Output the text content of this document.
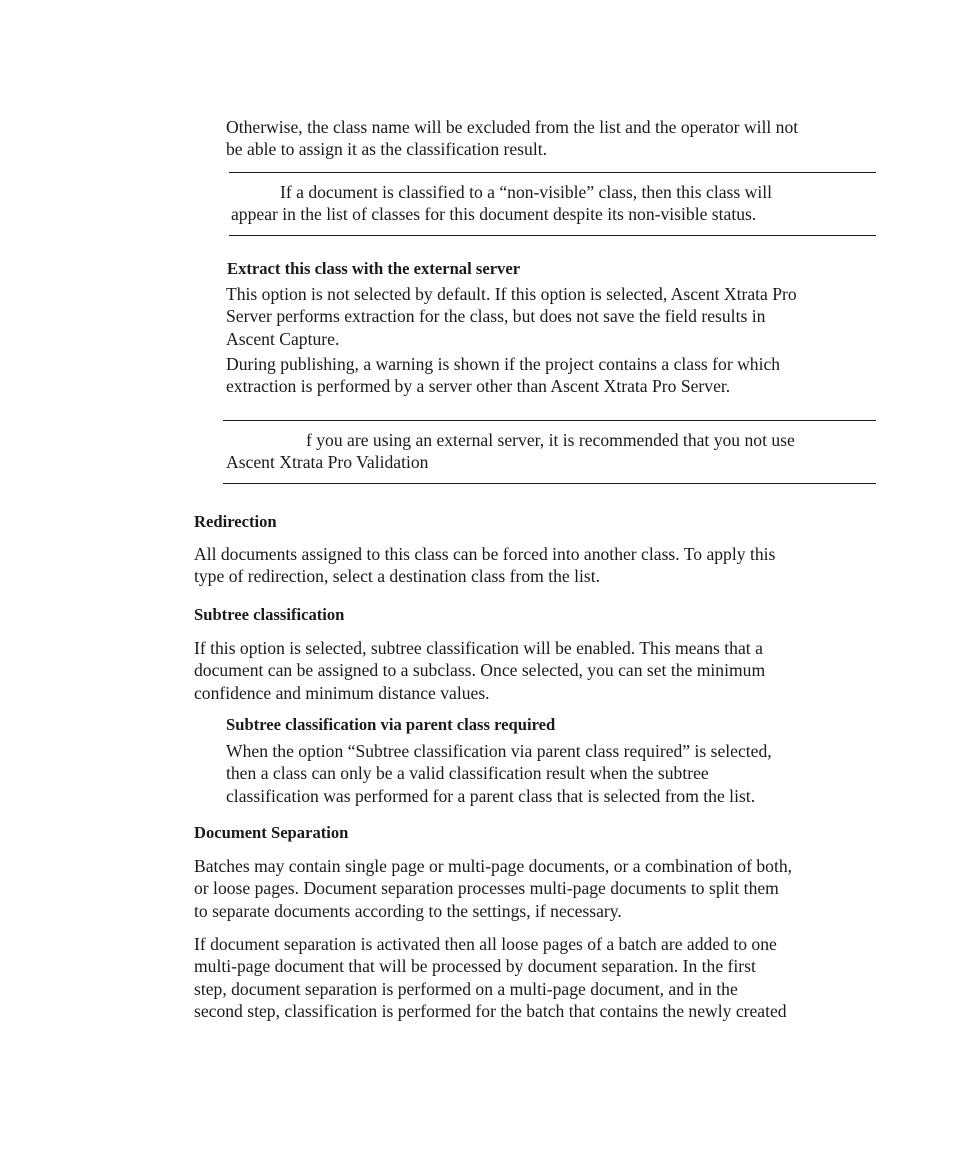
Otherwise, the class name will be excluded from the list and the operator will not
be able to assign it as the classification result.

If a document is classified to a “non-visible” class, then this class will
appear in the list of classes for this document despite its non-visible status.

Extract this class with the external server

This option is not selected by default. If this option is selected, Ascent Xtrata Pro
Server performs extraction for the class, but does not save the field results in
Ascent Capture.

During publishing, a warning is shown if the project contains a class for which
extraction is performed by a server other than Ascent Xtrata Pro Server.

f you are using an external server, it is recommended that you not use
Ascent Xtrata Pro Validation

Redirection

All documents assigned to this class can be forced into another class. To apply this
type of redirection, select a destination class from the list.

Subtree classification

If this option is selected, subtree classification will be enabled. This means that a
document can be assigned to a subclass. Once selected, you can set the minimum
confidence and minimum distance values.

Subtree classification via parent class required

When the option “Subtree classification via parent class required” is selected,
then a class can only be a valid classification result when the subtree
classification was performed for a parent class that is selected from the list.

Document Separation

Batches may contain single page or multi-page documents, or a combination of both,
or loose pages. Document separation processes multi-page documents to split them
to separate documents according to the settings, if necessary.

If document separation is activated then all loose pages of a batch are added to one
multi-page document that will be processed by document separation. In the first
step, document separation is performed on a multi-page document, and in the
second step, classification is performed for the batch that contains the newly created
